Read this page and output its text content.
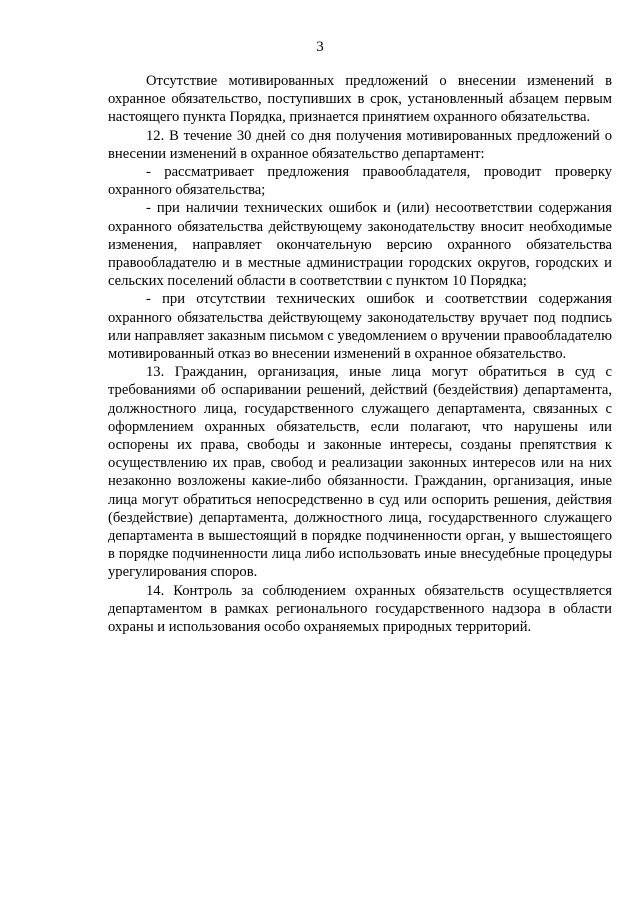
3

Отсутствие мотивированных предложений о внесении изменений в охранное обязательство, поступивших в срок, установленный абзацем первым настоящего пункта Порядка, признается принятием охранного обязательства.

12. В течение 30 дней со дня получения мотивированных предложений о внесении изменений в охранное обязательство департамент:

- рассматривает предложения правообладателя, проводит проверку охранного обязательства;

- при наличии технических ошибок и (или) несоответствии содержания охранного обязательства действующему законодательству вносит необходимые изменения, направляет окончательную версию охранного обязательства правообладателю и в местные администрации городских округов, городских и сельских поселений области в соответствии с пунктом 10 Порядка;

- при отсутствии технических ошибок и соответствии содержания охранного обязательства действующему законодательству вручает под подпись или направляет заказным письмом с уведомлением о вручении правообладателю мотивированный отказ во внесении изменений в охранное обязательство.

13. Гражданин, организация, иные лица могут обратиться в суд с требованиями об оспаривании решений, действий (бездействия) департамента, должностного лица, государственного служащего департамента, связанных с оформлением охранных обязательств, если полагают, что нарушены или оспорены их права, свободы и законные интересы, созданы препятствия к осуществлению их прав, свобод и реализации законных интересов или на них незаконно возложены какие-либо обязанности. Гражданин, организация, иные лица могут обратиться непосредственно в суд или оспорить решения, действия (бездействие) департамента, должностного лица, государственного служащего департамента в вышестоящий в порядке подчиненности орган, у вышестоящего в порядке подчиненности лица либо использовать иные внесудебные процедуры урегулирования споров.

14. Контроль за соблюдением охранных обязательств осуществляется департаментом в рамках регионального государственного надзора в области охраны и использования особо охраняемых природных территорий.
